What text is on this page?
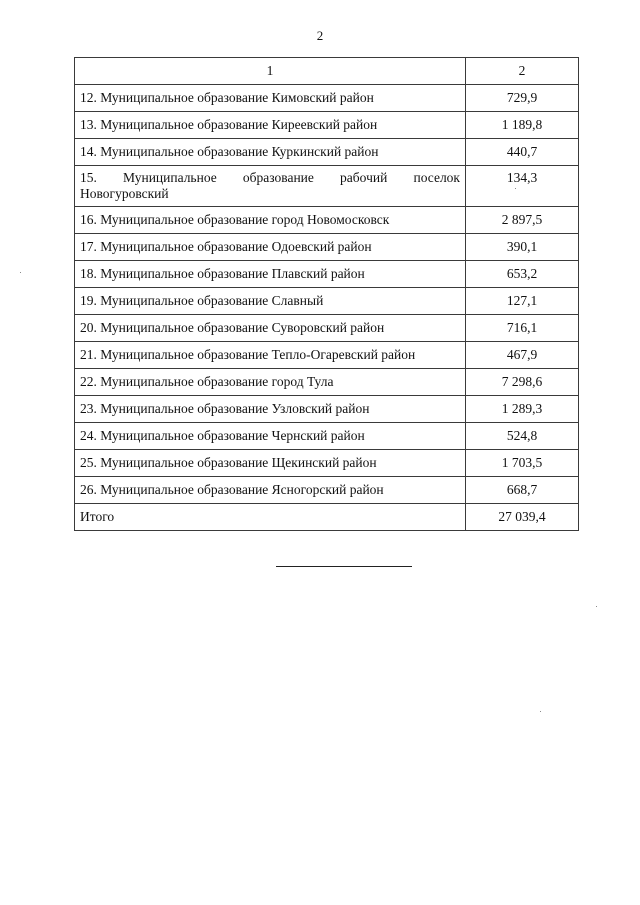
2
1	2
12. Муниципальное образование Кимовский район	729,9
13. Муниципальное образование Киреевский район	1 189,8
14. Муниципальное образование Куркинский район	440,7
15. Муниципальное образование рабочий поселок Новогуровский	134,3
16. Муниципальное образование город Новомосковск	2 897,5
17. Муниципальное образование Одоевский район	390,1
18. Муниципальное образование Плавский район	653,2
19. Муниципальное образование Славный	127,1
20. Муниципальное образование Суворовский район	716,1
21. Муниципальное образование Тепло-Огаревский район	467,9
22. Муниципальное образование город Тула	7 298,6
23. Муниципальное образование Узловский район	1 289,3
24. Муниципальное образование Чернский район	524,8
25. Муниципальное образование Щекинский район	1 703,5
26. Муниципальное образование Ясногорский район	668,7
Итого	27 039,4
